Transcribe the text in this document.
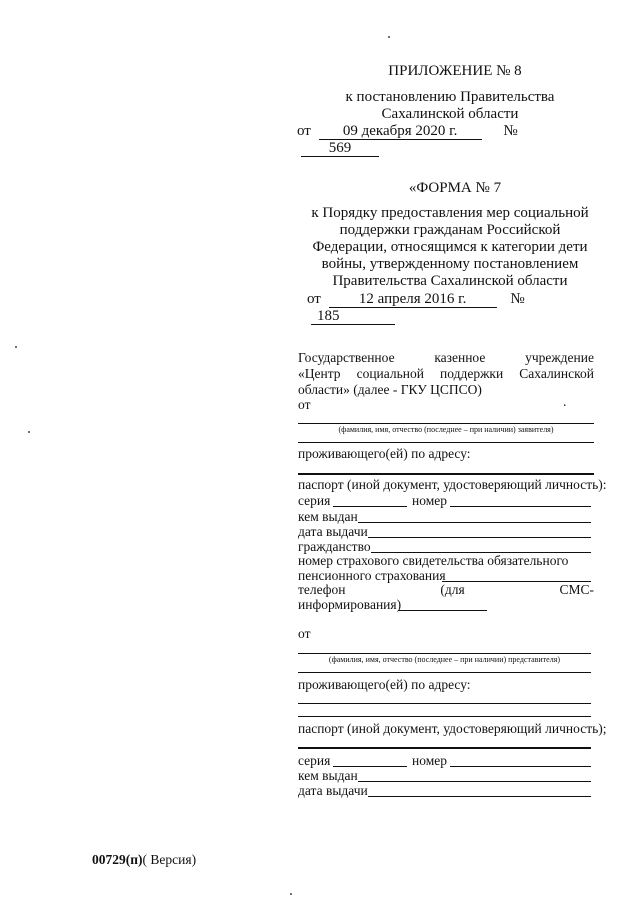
ПРИЛОЖЕНИЕ № 8
к постановлению Правительства
Сахалинской области
от 09 декабря 2020 г.	№ 569
«ФОРМА № 7
к Порядку предоставления мер социальной
поддержки гражданам Российской
Федерации, относящимся к категории дети
войны, утвержденному постановлением
Правительства Сахалинской области
от	12 апреля 2016 г.	№ 185
Государственное	казенное	учреждение
«Центр социальной поддержки Сахалинской
области» (далее - ГКУ ЦСПСО)
от	.
(фамилия, имя, отчество (последнее – при наличии) заявителя)
проживающего(ей) по адресу:
паспорт (иной документ, удостоверяющий личность):
серия	номер
кем выдан
дата выдачи
гражданство
номер страхового свидетельства обязательного
пенсионного страхования
телефон	(для	СМС-
информирования)
от
(фамилия, имя, отчество (последнее – при наличии) представителя)
проживающего(ей) по адресу:
паспорт (иной документ, удостоверяющий личность);
серия	номер
кем выдан
дата выдачи
00729(п)( Версия)
